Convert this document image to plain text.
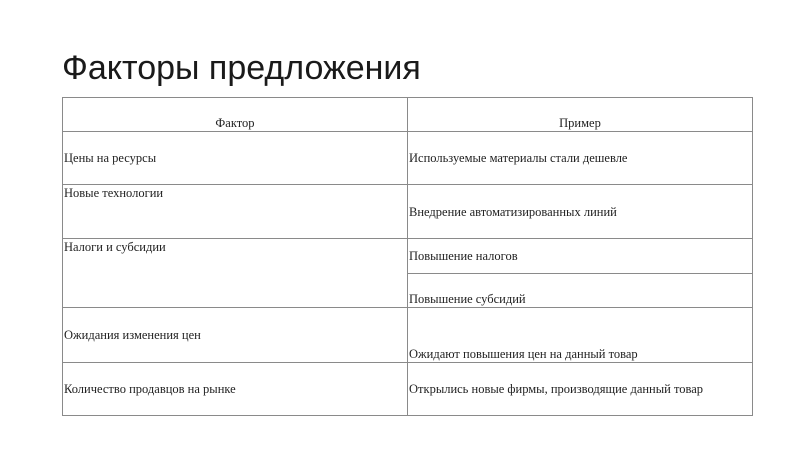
Факторы предложения
Фактор	Пример
Цены на ресурсы	Используемые материалы стали дешевле
Новые технологии	Внедрение автоматизированных линий
Налоги и субсидии	Повышение налогов
	Повышение субсидий
Ожидания изменения цен	Ожидают повышения цен на данный товар
Количество продавцов на рынке	Открылись новые фирмы, производящие данный товар
